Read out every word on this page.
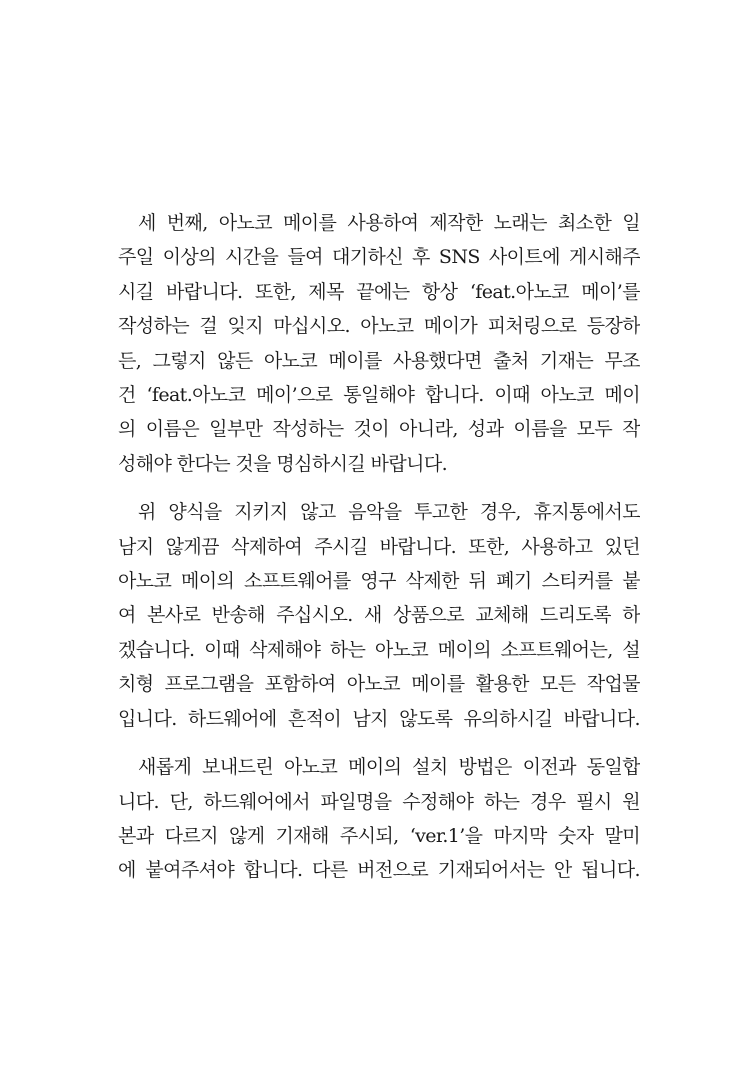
세 번째, 아노코 메이를 사용하여 제작한 노래는 최소한 일
주일 이상의 시간을 들여 대기하신 후 SNS 사이트에 게시해주
시길 바랍니다. 또한, 제목 끝에는 항상 ‘feat.아노코 메이’를
작성하는 걸 잊지 마십시오. 아노코 메이가 피처링으로 등장하
든, 그렇지 않든 아노코 메이를 사용했다면 출처 기재는 무조
건 ‘feat.아노코 메이’으로 통일해야 합니다. 이때 아노코 메이
의 이름은 일부만 작성하는 것이 아니라, 성과 이름을 모두 작
성해야 한다는 것을 명심하시길 바랍니다.

위 양식을 지키지 않고 음악을 투고한 경우, 휴지통에서도
남지 않게끔 삭제하여 주시길 바랍니다. 또한, 사용하고 있던
아노코 메이의 소프트웨어를 영구 삭제한 뒤 폐기 스티커를 붙
여 본사로 반송해 주십시오. 새 상품으로 교체해 드리도록 하
겠습니다. 이때 삭제해야 하는 아노코 메이의 소프트웨어는, 설
치형 프로그램을 포함하여 아노코 메이를 활용한 모든 작업물
입니다. 하드웨어에 흔적이 남지 않도록 유의하시길 바랍니다.

새롭게 보내드린 아노코 메이의 설치 방법은 이전과 동일합
니다. 단, 하드웨어에서 파일명을 수정해야 하는 경우 필시 원
본과 다르지 않게 기재해 주시되, ‘ver.1’을 마지막 숫자 말미
에 붙여주셔야 합니다. 다른 버전으로 기재되어서는 안 됩니다.
